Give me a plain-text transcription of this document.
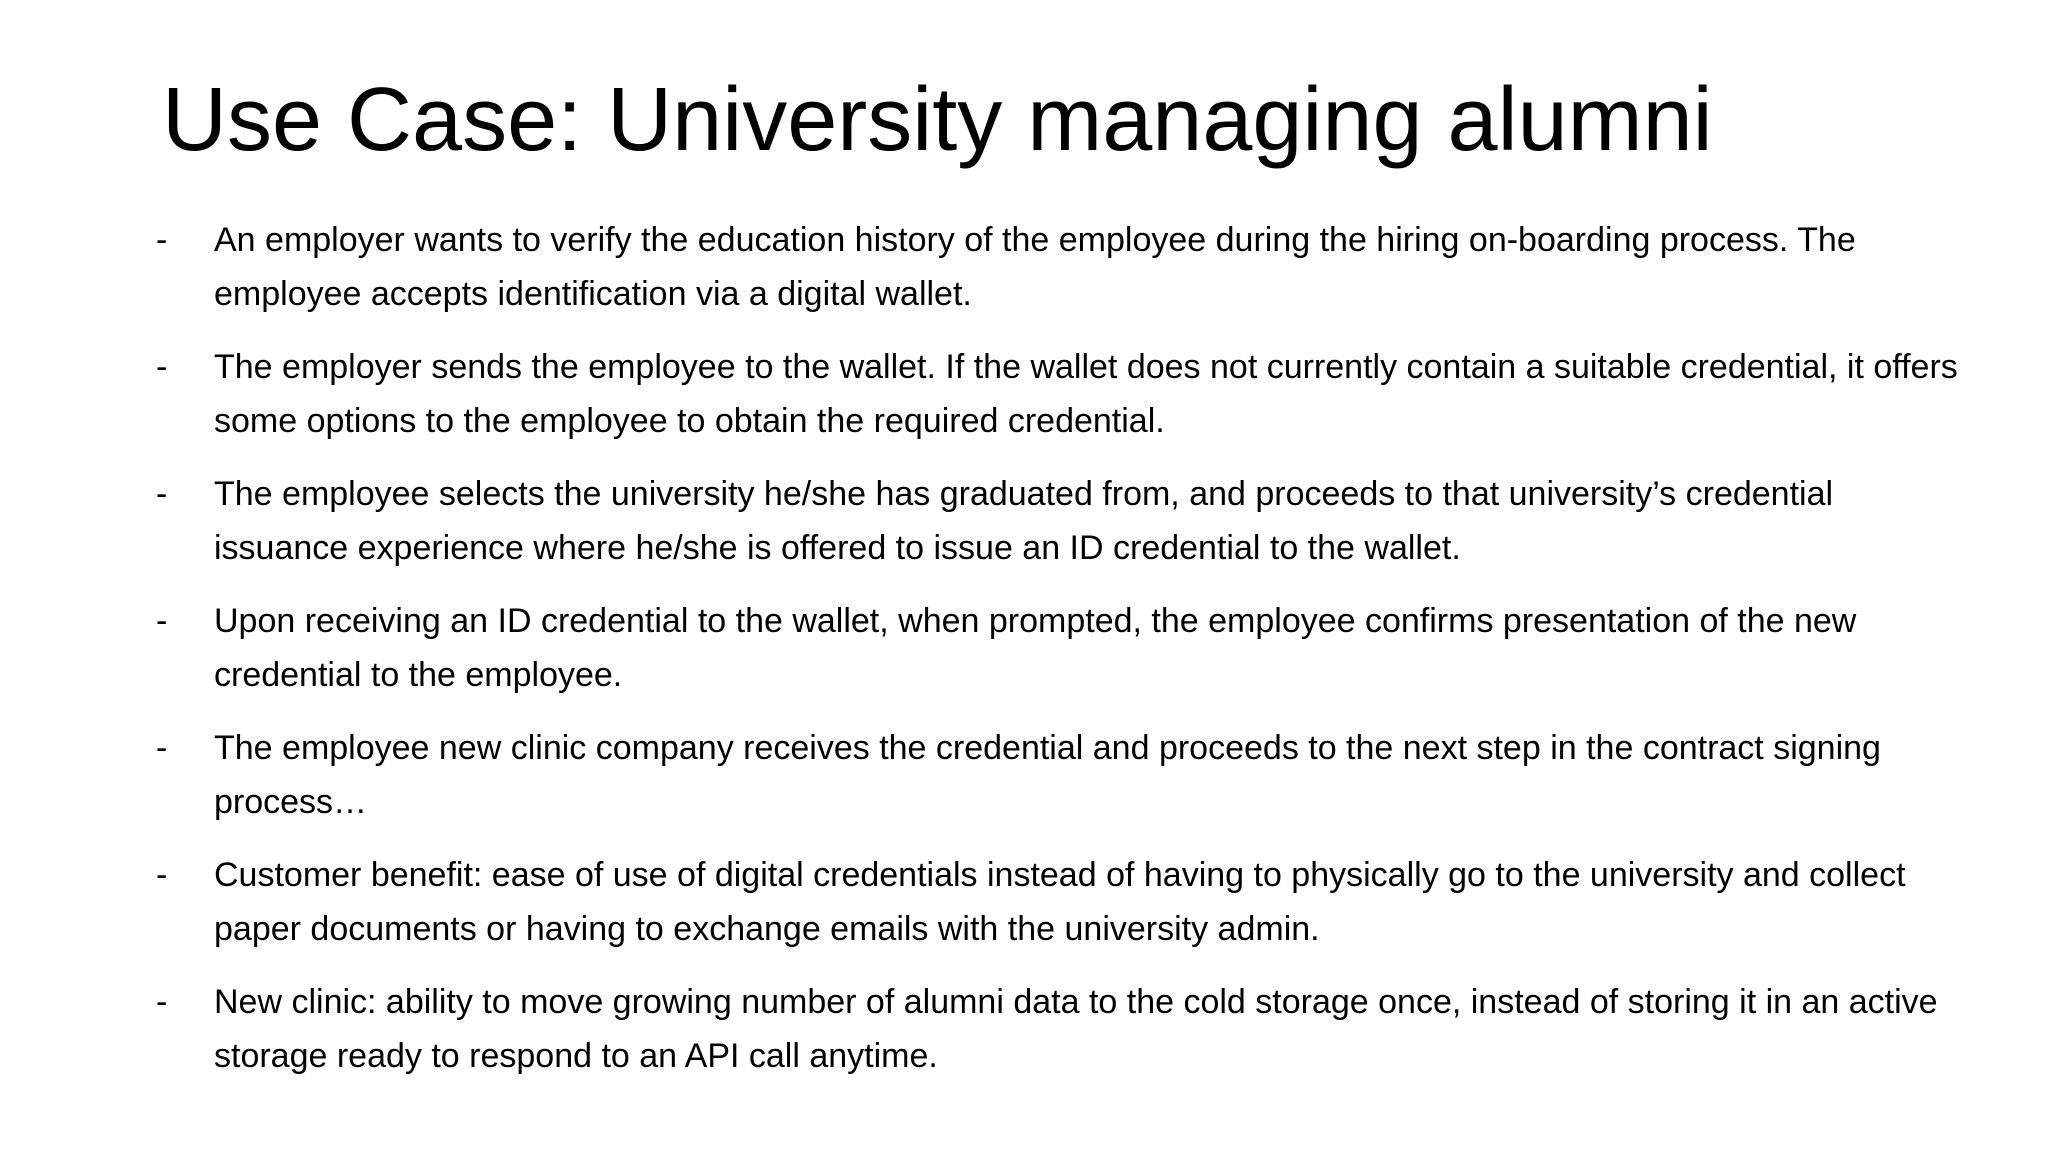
Use Case: University managing alumni
- An employer wants to verify the education history of the employee during the hiring on-boarding process. The employee accepts identification via a digital wallet.
- The employer sends the employee to the wallet. If the wallet does not currently contain a suitable credential, it offers some options to the employee to obtain the required credential.
- The employee selects the university he/she has graduated from, and proceeds to that university’s credential issuance experience where he/she is offered to issue an ID credential to the wallet.
- Upon receiving an ID credential to the wallet, when prompted, the employee confirms presentation of the new credential to the employee.
- The employee new clinic company receives the credential and proceeds to the next step in the contract signing process…
- Customer benefit: ease of use of digital credentials instead of having to physically go to the university and collect paper documents or having to exchange emails with the university admin.
- New clinic: ability to move growing number of alumni data to the cold storage once, instead of storing it in an active storage ready to respond to an API call anytime.
